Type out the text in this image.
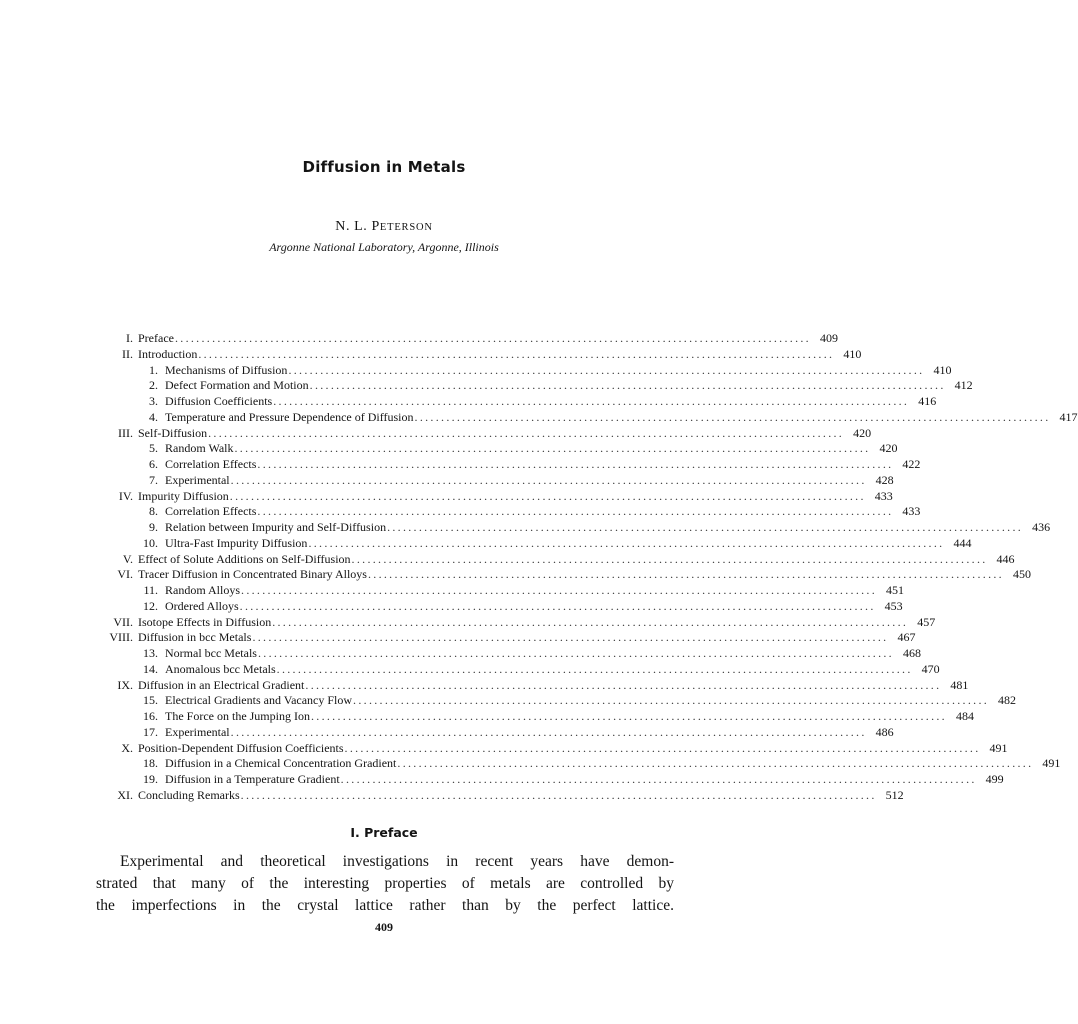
Diffusion in Metals
N. L. PETERSON
Argonne National Laboratory, Argonne, Illinois
I. Preface ........................................................................................................................ 409
II. Introduction ........................................................................................................................ 410
1. Mechanisms of Diffusion ........................................................................................................................ 410
2. Defect Formation and Motion ........................................................................................................................ 412
3. Diffusion Coefficients ........................................................................................................................ 416
4. Temperature and Pressure Dependence of Diffusion ........................................................................................................................ 417
III. Self-Diffusion ........................................................................................................................ 420
5. Random Walk ........................................................................................................................ 420
6. Correlation Effects ........................................................................................................................ 422
7. Experimental ........................................................................................................................ 428
IV. Impurity Diffusion ........................................................................................................................ 433
8. Correlation Effects ........................................................................................................................ 433
9. Relation between Impurity and Self-Diffusion ........................................................................................................................ 436
10. Ultra-Fast Impurity Diffusion ........................................................................................................................ 444
V. Effect of Solute Additions on Self-Diffusion ........................................................................................................................ 446
VI. Tracer Diffusion in Concentrated Binary Alloys ........................................................................................................................ 450
11. Random Alloys ........................................................................................................................ 451
12. Ordered Alloys ........................................................................................................................ 453
VII. Isotope Effects in Diffusion ........................................................................................................................ 457
VIII. Diffusion in bcc Metals ........................................................................................................................ 467
13. Normal bcc Metals ........................................................................................................................ 468
14. Anomalous bcc Metals ........................................................................................................................ 470
IX. Diffusion in an Electrical Gradient ........................................................................................................................ 481
15. Electrical Gradients and Vacancy Flow ........................................................................................................................ 482
16. The Force on the Jumping Ion ........................................................................................................................ 484
17. Experimental ........................................................................................................................ 486
X. Position-Dependent Diffusion Coefficients ........................................................................................................................ 491
18. Diffusion in a Chemical Concentration Gradient ........................................................................................................................ 491
19. Diffusion in a Temperature Gradient ........................................................................................................................ 499
XI. Concluding Remarks ........................................................................................................................ 512
I. Preface
Experimental and theoretical investigations in recent years have demon-
strated that many of the interesting properties of metals are controlled by
the imperfections in the crystal lattice rather than by the perfect lattice.
409
